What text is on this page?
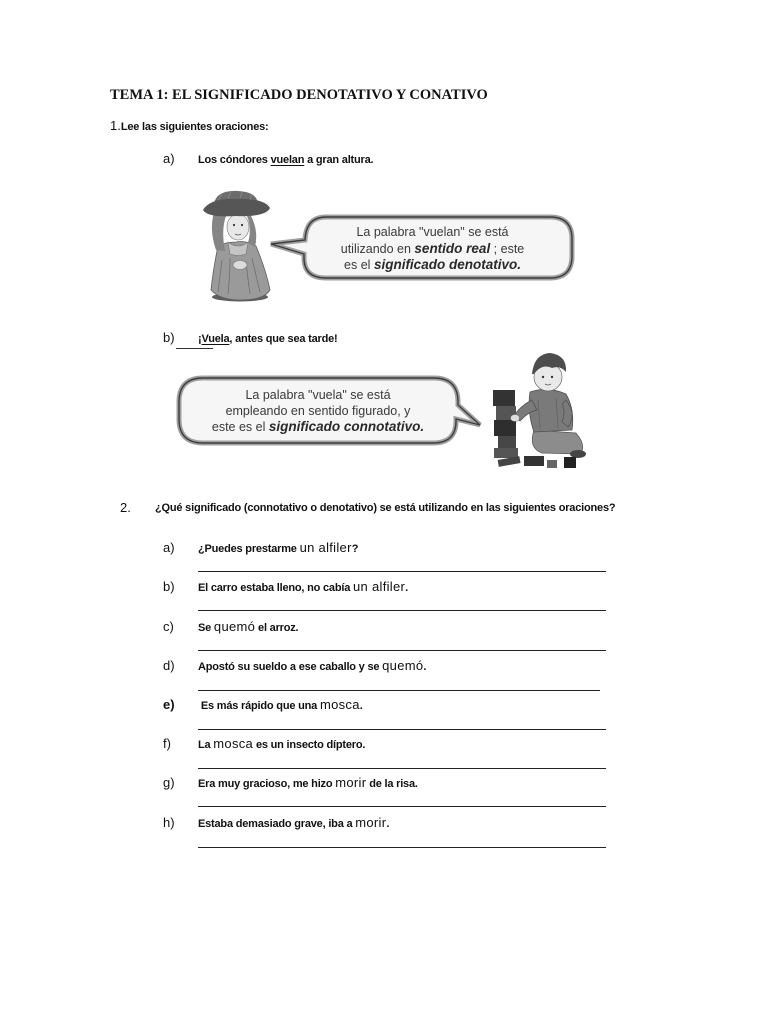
TEMA 1: EL SIGNIFICADO DENOTATIVO Y CONATIVO
1.Lee las siguientes oraciones:
a) Los cóndores vuelan a gran altura.
La palabra "vuelan" se está
utilizando en sentido real ; este
es el significado denotativo.
b) ¡Vuela, antes que sea tarde!
La palabra "vuela" se está
empleando en sentido figurado, y
este es el significado connotativo.
2. ¿Qué significado (connotativo o denotativo) se está utilizando en las siguientes oraciones?
a) ¿Puedes prestarme un alfiler?
b) El carro estaba lleno, no cabía un alfiler.
c) Se quemó el arroz.
d) Apostó su sueldo a ese caballo y se quemó.
e) Es más rápido que una mosca.
f) La mosca es un insecto díptero.
g) Era muy gracioso, me hizo morir de la risa.
h) Estaba demasiado grave, iba a morir.
